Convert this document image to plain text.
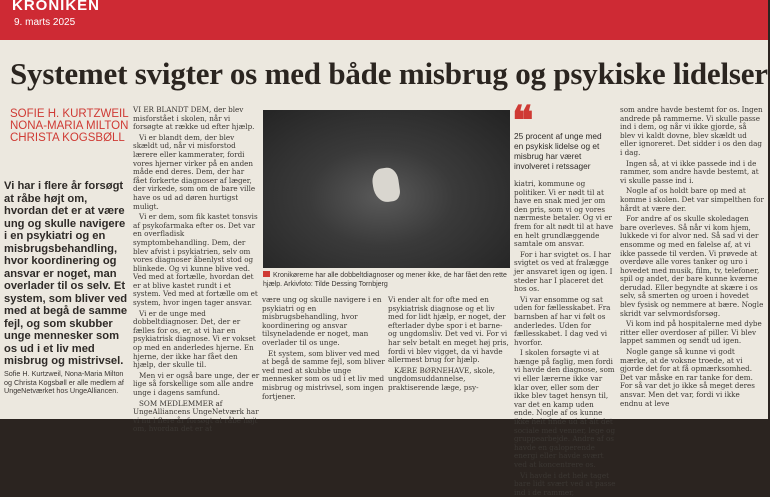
KRONIKEN
9. marts 2025
Systemet svigter os med både misbrug og psykiske lidelser
SOFIE H. KURTZWEIL
NONA-MARIA MILTON
CHRISTA KOGSBØLL
Vi har i flere år forsøgt at råbe højt om, hvordan det er at være ung og skulle navigere i en psykiatri og en misbrugsbehandling, hvor koordinering og ansvar er noget, man overlader til os selv. Et system, som bliver ved med at begå de samme fejl, og som skubber unge mennesker som os ud i et liv med misbrug og mistrivsel.
Sofie H. Kurtzweil, Nona-Maria Milton og Christa Kogsbøll er alle medlem af UngeNetværket hos UngeAlliancen.

VI ER BLANDT DEM, der blev misforstået i skolen, når vi forsøgte at række ud efter hjælp.

Vi er blandt dem, der blev skældt ud, når vi misforstod lærere eller kammerater, fordi vores hjerner virker på en anden måde end deres. Dem, der har fået forkerte diagnoser af læger, der virkede, som om de bare ville have os ud ad døren hurtigst muligt.

Vi er dem, som fik kastet tonsvis af psykofarmaka efter os. Det var en overfladisk symptombehandling. Dem, der blev afvist i psykiatrien, selv om vores diagnoser åbenlyst stod og blinkede. Og vi kunne blive ved. Ved med at fortælle, hvordan det er at blive kastet rundt i et system. Ved med at fortælle om et system, hvor ingen tager ansvar.

Vi er de unge med dobbeltdiagnoser. Det, der er fælles for os, er, at vi har en psykiatrisk diagnose. Vi er vokset op med en anderledes hjerne. En hjerne, der ikke har fået den hjælp, der skulle til.

Men vi er også bare unge, der er lige så forskellige som alle andre unge i dagens samfund.

SOM MEDLEMMER af UngeAlliancens UngeNetværk har vi nu i flere år forsøgt at råbe højt om, hvordan det er at

Kronikørerne har alle dobbeltdiagnoser og mener ikke, de har fået den rette hjælp. Arkivfoto: Tilde Dessing Tornbjerg

være ung og skulle navigere i en psykiatri og en misbrugsbehandling, hvor koordinering og ansvar tilsyneladende er noget, man overlader til os unge.

Et system, som bliver ved med at begå de samme fejl, som bliver ved med at skubbe unge mennesker som os ud i et liv med misbrug og mistrivsel, som ingen fortjener.

Vi ender alt for ofte med en psykiatrisk diagnose og et liv med for lidt hjælp, er noget, der efterlader dybe spor i et barne- og ungdomsliv. Det ved vi. For vi har selv betalt en meget høj pris, fordi vi blev vigget, da vi havde allermest brug for hjælp.

KÆRE BØRNEHAVE, skole, ungdomsuddannelse, praktiserende læge, psy-

❝
25 procent af unge med en psykisk lidelse og et misbrug har været involveret i retssager

kiatri, kommune og politiker. Vi er nødt til at have en snak med jer om den pris, som vi og vores nærmeste betaler. Og vi er frem for alt nødt til at have en helt grundlæggende samtale om ansvar.

For i har svigtet os. I har svigtet os ved at fralægge jer ansvaret igen og igen. I steder har I placeret det hos os.

Vi var ensomme og sat uden for fællesskabet. Fra barnsben af har vi følt os anderledes. Uden for fællesskabet. I dag ved vi hvorfor.

I skolen forsøgte vi at hænge på faglig, men fordi vi havde den diagnose, som vi eller lærerne ikke var klar over, eller som der ikke blev taget hensyn til, var det en kamp uden ende. Nogle af os kunne ikke helt finde ud af alt det sociale med venner, lege og gruppearbejde. Andre af os havde en galoperende energi eller havde svært ved at koncentrere os.

Vi havde i det hele taget bare lidt svært ved at passe ind i de rammer,

som andre havde bestemt for os. Ingen andrede på rammerne. Vi skulle passe ind i dem, og når vi ikke gjorde, så blev vi kaldt dovne, blev skældt ud eller ignoreret. Det sidder i os den dag i dag.

Ingen så, at vi ikke passede ind i de rammer, som andre havde bestemt, at vi skulle passe ind i.

Nogle af os holdt bare op med at komme i skolen. Det var simpelthen for hårdt at være der.

For andre af os skulle skoledagen bare overleves. Så når vi kom hjem, lukkede vi for alvor ned. Så sad vi der ensomme og med en følelse af, at vi ikke passede til verden. Vi prøvede at overdøve alle vores tanker og uro i hovedet med musik, film, tv, telefoner, spil og andet, der bare kunne kværne derudad. Eller begyndte at skære i os selv, så smerten og uroen i hovedet blev fysisk og nemmere at bære. Nogle skridt var selvmordsforsøg.

Vi kom ind på hospitalerne med dybe ritter eller overdoser af piller. Vi blev lappet sammen og sendt ud igen.

Nogle gange så kunne vi godt mærke, at de voksne troede, at vi gjorde det for at få opmærksomhed. Det var måske en rar tanke for dem. For så var det jo ikke så meget deres ansvar. Men det var, fordi vi ikke endnu at leve
